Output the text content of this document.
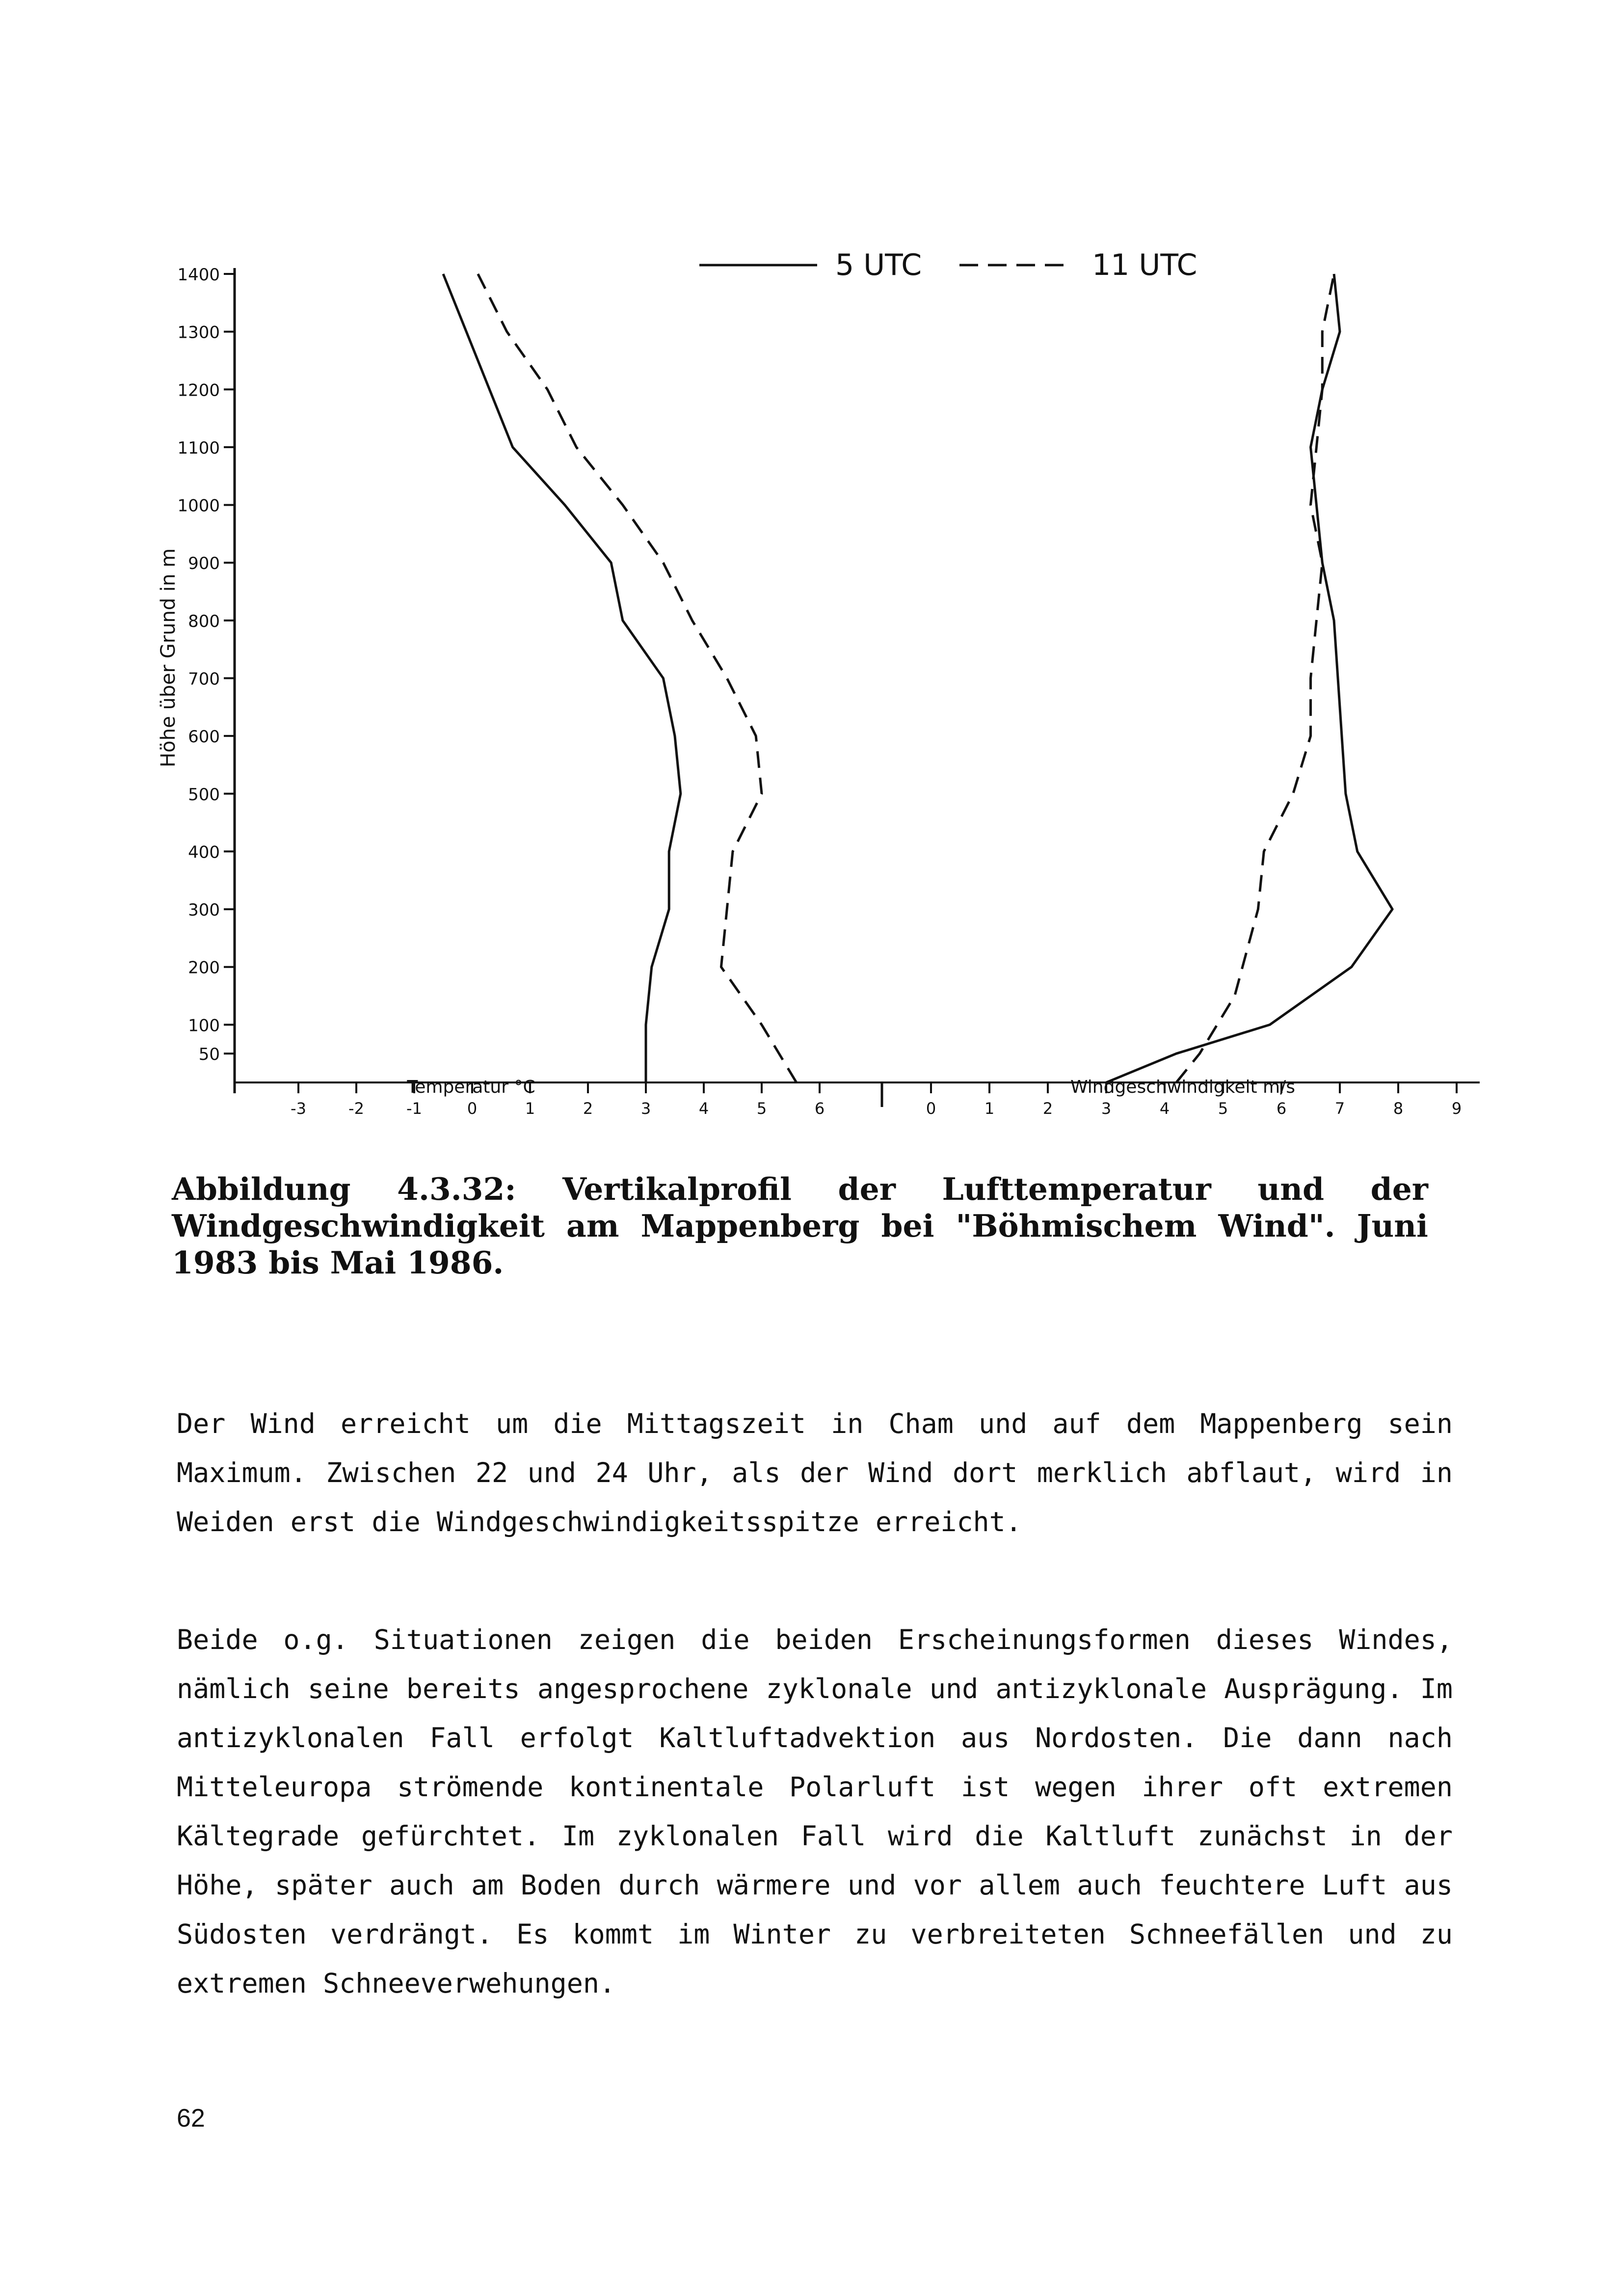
1400
1300
1200
1100
1000
900
800
700
600
500
400
300
200
100
50
-3	-2	-1	0	1	2	3	4	5	6	0	1	2	3	4	5	6	7	8	9
5 UTC	11 UTC
Höhe über Grund in m
Temperatur °C	Windgeschwindigkeit m/s

Abbildung 4.3.32: Vertikalprofil der Lufttemperatur und der Windgeschwindigkeit am Mappenberg bei "Böhmischem Wind". Juni 1983 bis Mai 1986.

Der Wind erreicht um die Mittagszeit in Cham und auf dem Mappenberg sein Maximum. Zwischen 22 und 24 Uhr, als der Wind dort merklich abflaut, wird in Weiden erst die Windgeschwindigkeitsspitze erreicht.

Beide o.g. Situationen zeigen die beiden Erscheinungsformen dieses Windes, nämlich seine bereits angesprochene zyklonale und antizyklonale Ausprägung. Im antizyklonalen Fall erfolgt Kaltluftadvektion aus Nordosten. Die dann nach Mitteleuropa strömende kontinentale Polarluft ist wegen ihrer oft extremen Kältegrade gefürchtet. Im zyklonalen Fall wird die Kaltluft zunächst in der Höhe, später auch am Boden durch wärmere und vor allem auch feuchtere Luft aus Südosten verdrängt. Es kommt im Winter zu verbreiteten Schneefällen und zu extremen Schneeverwehungen.

62
